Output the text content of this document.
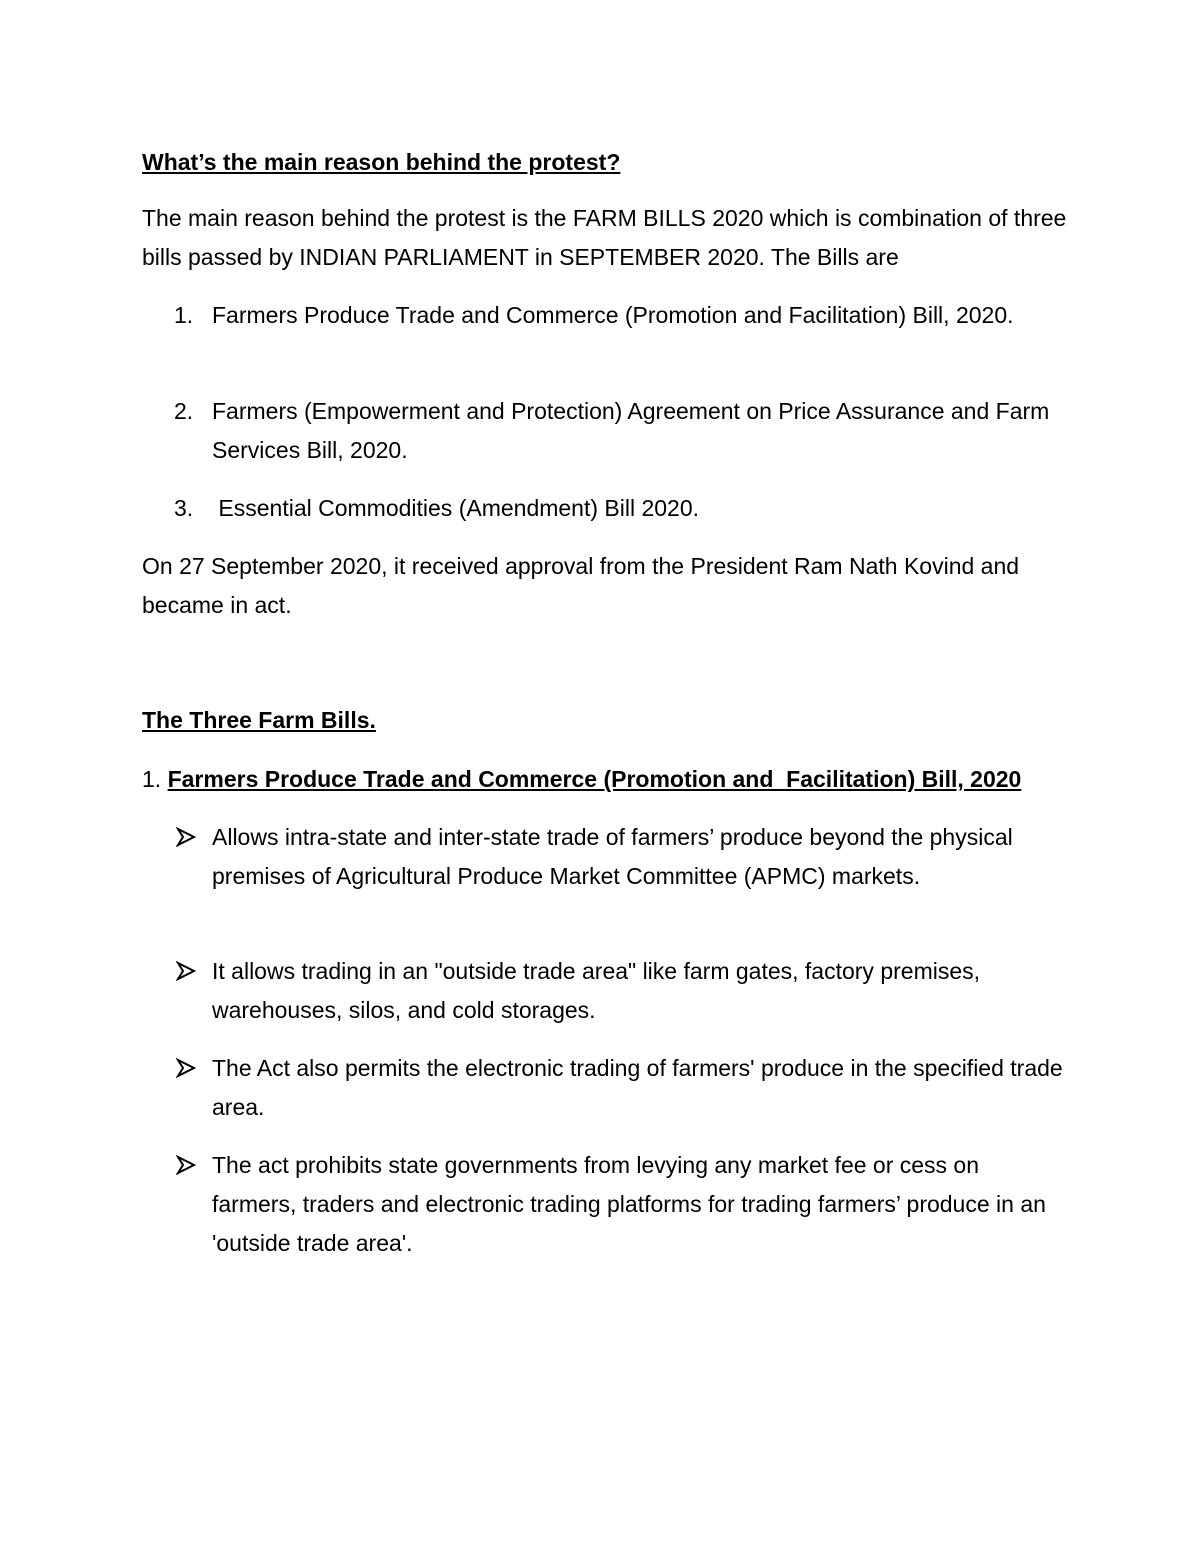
What’s the main reason behind the protest?
The main reason behind the protest is the FARM BILLS 2020 which is combination of three bills passed by INDIAN PARLIAMENT in SEPTEMBER 2020. The Bills are
1. Farmers Produce Trade and Commerce (Promotion and Facilitation) Bill, 2020.
2. Farmers (Empowerment and Protection) Agreement on Price Assurance and Farm Services Bill, 2020.
3. Essential Commodities (Amendment) Bill 2020.
On 27 September 2020, it received approval from the President Ram Nath Kovind and became in act.
The Three Farm Bills.
1. Farmers Produce Trade and Commerce (Promotion and  Facilitation) Bill, 2020
Allows intra-state and inter-state trade of farmers’ produce beyond the physical premises of Agricultural Produce Market Committee (APMC) markets.
It allows trading in an "outside trade area" like farm gates, factory premises, warehouses, silos, and cold storages.
The Act also permits the electronic trading of farmers' produce in the specified trade area.
The act prohibits state governments from levying any market fee or cess on farmers, traders and electronic trading platforms for trading farmers’ produce in an 'outside trade area'.
